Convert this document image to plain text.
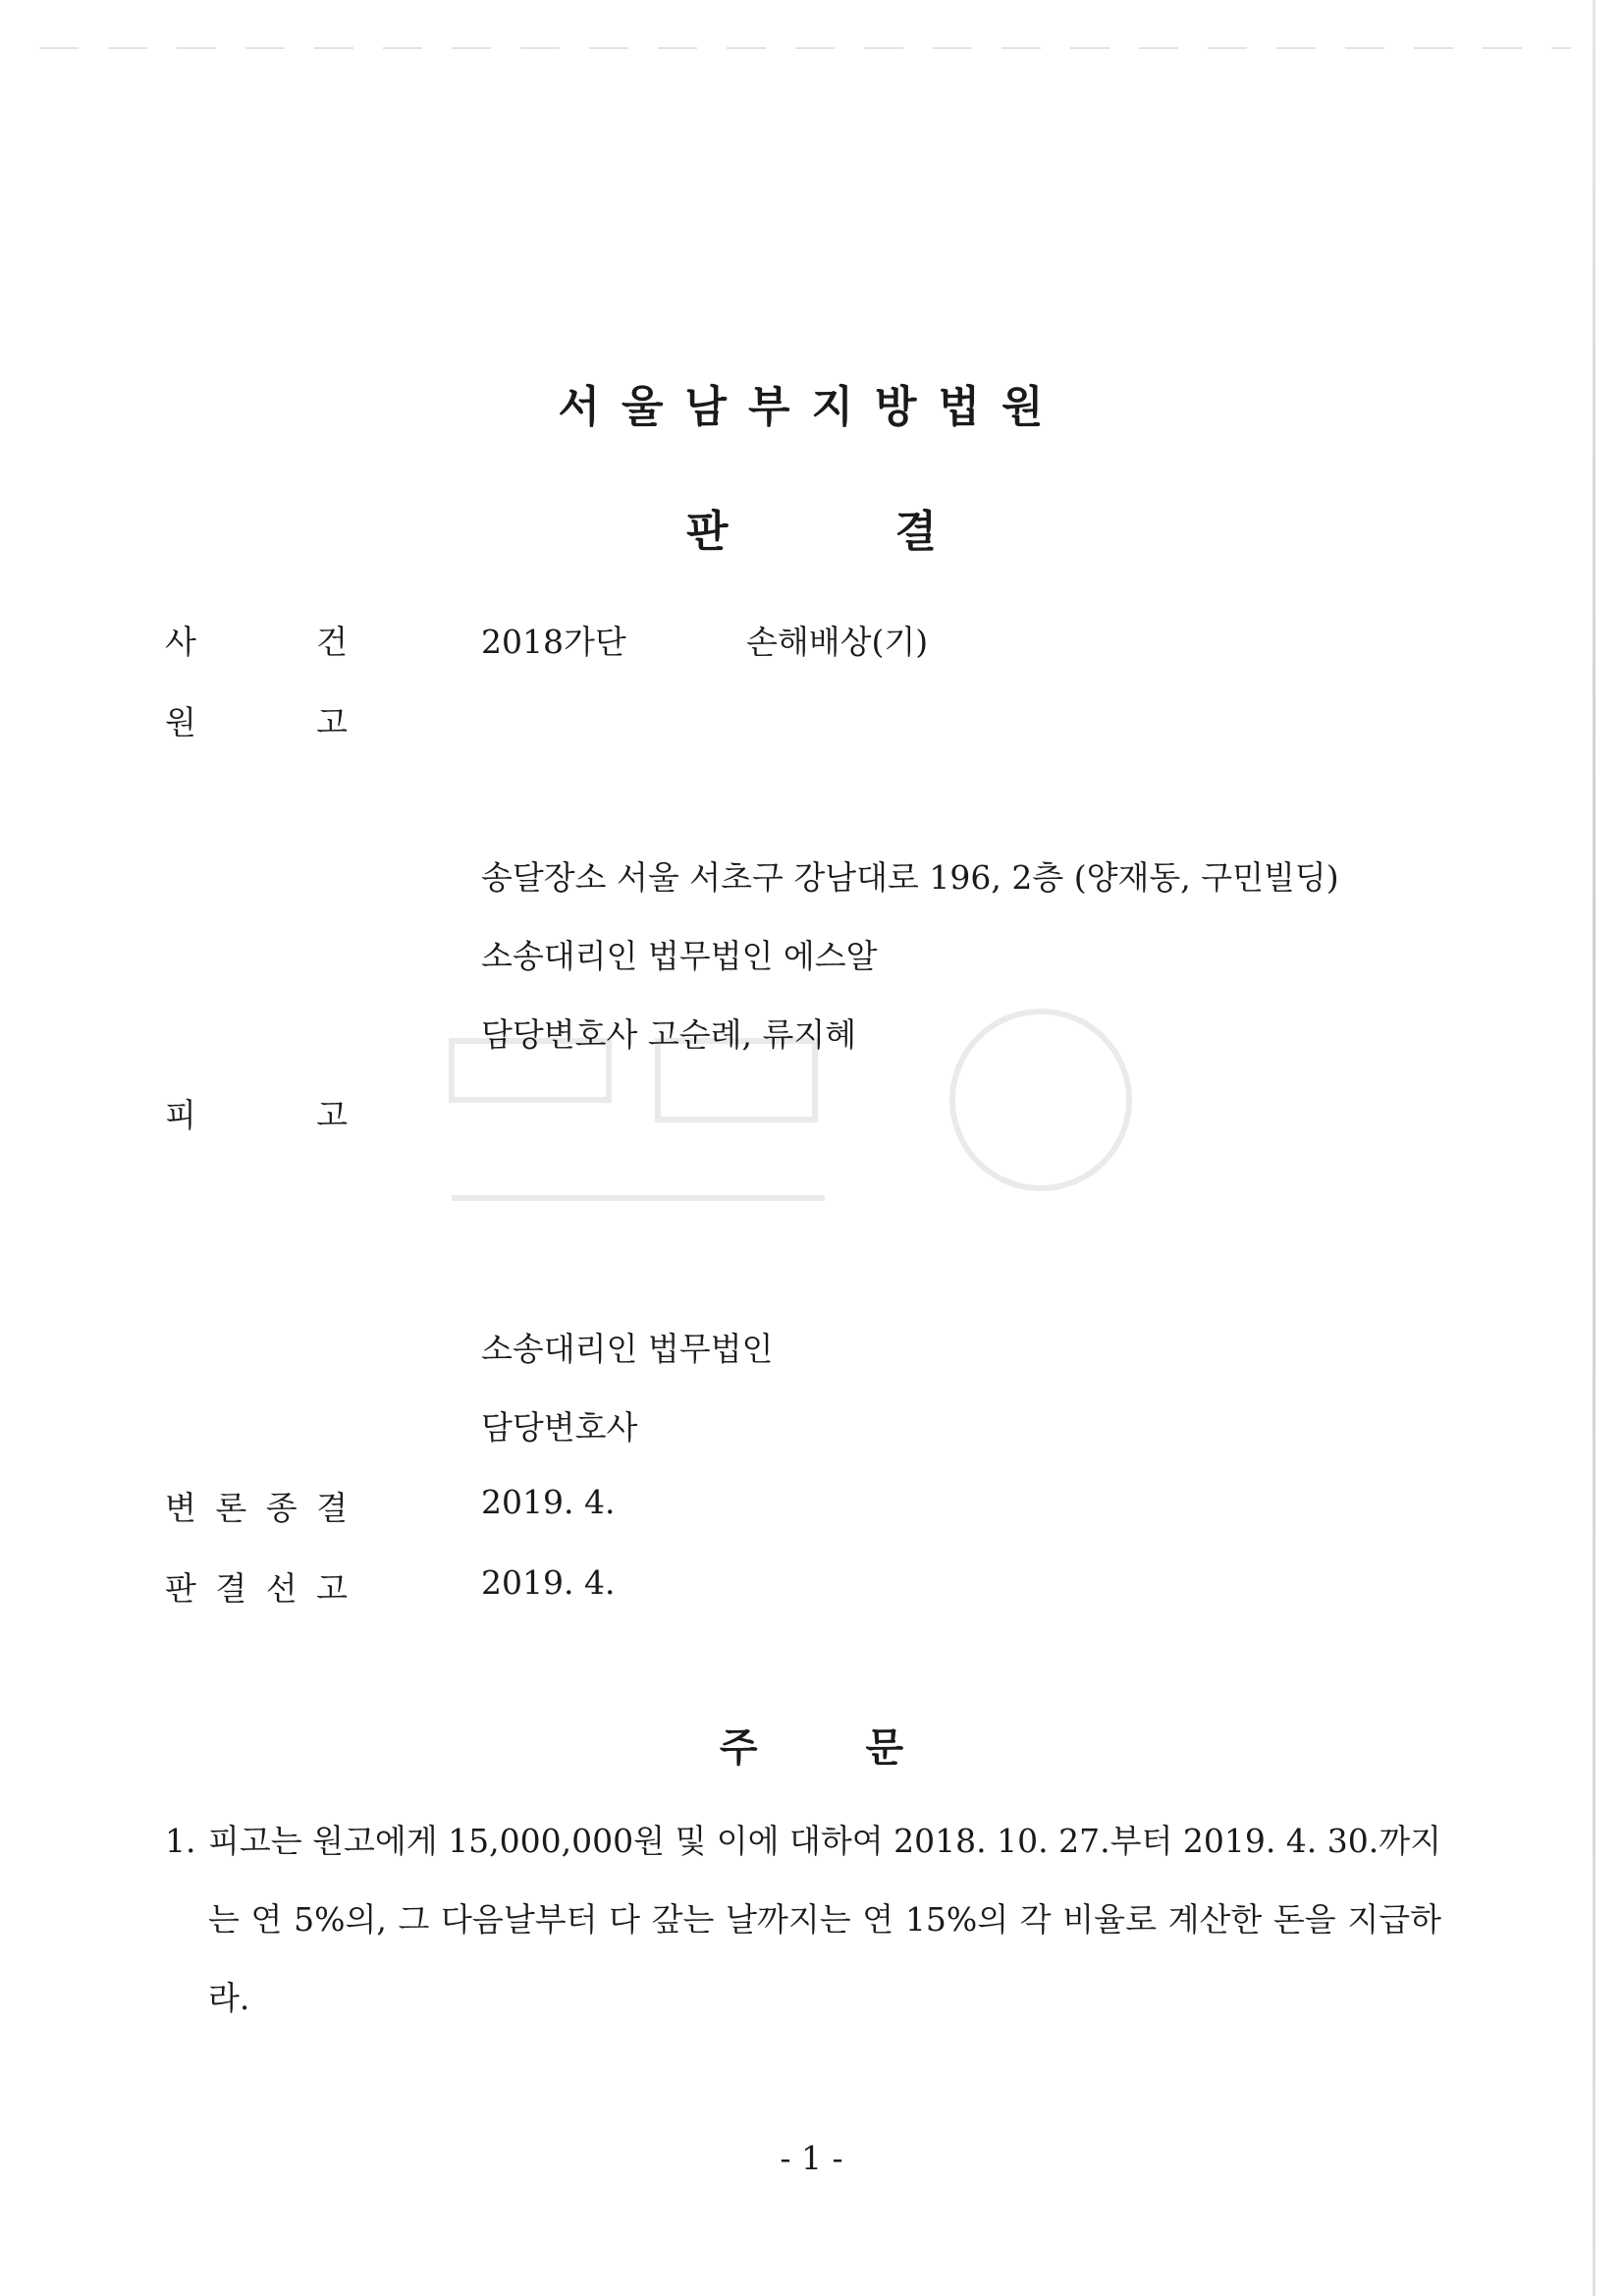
서울남부지방법원
판결
사	건	2018가단	손해배상(기)
원	고
송달장소 서울 서초구 강남대로 196, 2층 (양재동, 구민빌딩)
소송대리인 법무법인 에스알
담당변호사 고순례, 류지혜
피	고
소송대리인 법무법인
담당변호사
변 론 종 결	2019. 4.
판 결 선 고	2019. 4.
주문
1. 피고는 원고에게 15,000,000원 및 이에 대하여 2018. 10. 27.부터 2019. 4. 30.까지는 연 5%의, 그 다음날부터 다 갚는 날까지는 연 15%의 각 비율로 계산한 돈을 지급하라.
- 1 -
